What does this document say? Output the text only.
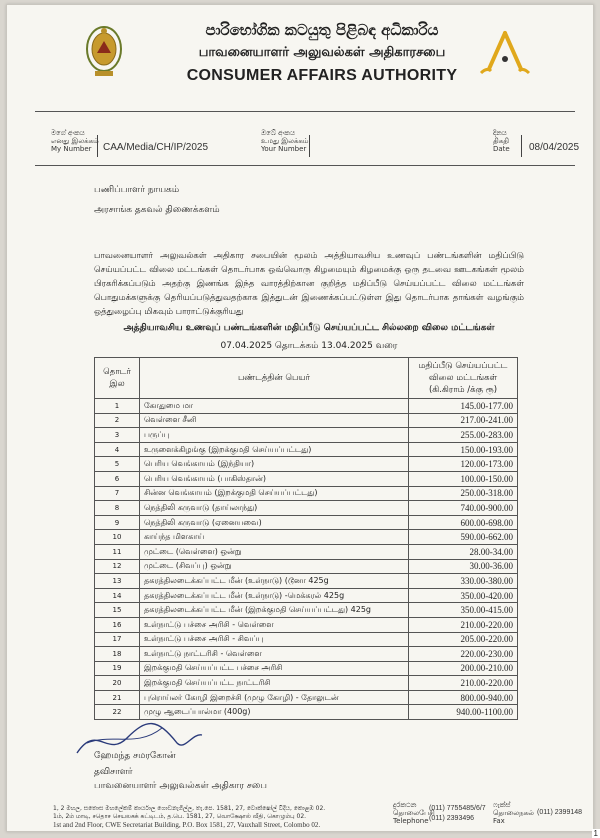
පාරිභෝගික කටයුතු පිළිබඳ අධිකාරිය
பாவனையாளர் அலுவல்கள் அதிகாரசபை
CONSUMER AFFAIRS AUTHORITY
මගේ අංකය
எனது இலக்கம்
My Number	CAA/Media/CH/IP/2025
ඔබේ අංකය
உமது இலக்கம்
Your Number
දිනය
திகதி
Date 08/04/2025
பணிப்பாளர் நாயகம்
அரசாங்க தகவல் திணைக்களம்

பாவனையாளர் அலுவல்கள் அதிகார சபையின் மூலம் அத்தியாவசிய உணவுப் பண்டங்களின் மதிப்பிடு செய்யப்பட்ட விலை மட்டங்கள் தொடர்பாக ஒவ்வொரு கிழமையும் கிழமைக்கு ஒரு தடவை ஊடகங்கள் மூலம் பிரகரிக்கப்படும் அதற்கு இணங்க இந்த வாரத்திற்கான குறித்த மதிப்பீடு செய்யப்பட்ட விலை மட்டங்கள் பொதுமக்களுக்கு தெரியப்படுத்துவதற்காக இத்துடன் இணைக்கப்பட்டுள்ள இது தொடர்பாக தாங்கள் வழங்கும் ஒத்துழைப்பு மிகவும் பாராட்டுக்குரியது

அத்தியாவசிய உணவுப் பண்டங்களின் மதிப்பீடு செய்யப்பட்ட சில்லறை விலை மட்டங்கள்
07.04.2025 தொடக்கம் 13.04.2025 வரை
தொடர் இல	பண்டத்தின் பெயர்	மதிப்பீடு செய்யப்பட்ட விலை மட்டங்கள் (கி.கிராம் /க்கு ரூ)
1	கோதுமை மா	145.00-177.00
2	வெள்ளை சீனி	217.00-241.00
3	பருப்பு	255.00-283.00
4	உருளைக்கிழங்கு (இறக்குமதி செய்யப்பட்டது)	150.00-193.00
5	பெரிய வெங்காயம் (இந்தியா)	120.00-173.00
6	பெரிய வெங்காயம் (பாகிஸ்தான்)	100.00-150.00
7	சின்ன வெங்காயம் (இறக்குமதி செய்யப்பட்டது)	250.00-318.00
8	நெத்திலி கருவாடு (தாய்லாந்து)	740.00-900.00
9	நெத்திலி கருவாடு (ஏனையவை)	600.00-698.00
10	காய்ந்த மிளகாய்	590.00-662.00
11	முட்டை (வெள்ளை) ஒன்று	28.00-34.00
12	முட்டை (சிவப்பு) ஒன்று	30.00-36.00
13	தகரத்திலடைக்கப்பட்ட மீன் (உள்நாடு) (டூனா 425g	330.00-380.00
14	தகரத்திலடைக்கப்பட்ட மீன் (உள்நாடு) -மெக்கரல் 425g	350.00-420.00
15	தகரத்திலடைக்கப்பட்ட மீன் (இறக்குமதி செய்யப்பட்டது) 425g	350.00-415.00
16	உள்நாட்டு பச்சை அரிசி - வெள்ளை	210.00-220.00
17	உள்நாட்டு பச்சை அரிசி - சிவப்பு	205.00-220.00
18	உள்நாட்டு நாட்டரிசி - வெள்ளை	220.00-230.00
19	இறக்குமதி செய்யப்பட்ட பச்சை அரிசி	200.00-210.00
20	இறக்குமதி செய்யப்பட்ட நாட்டரிசி	210.00-220.00
21	புரொய்லர் கோழி இறைச்சி (முழு கோழி) - தோலுடன்	800.00-940.00
22	முழு ஆடைப்பால்மா (400g)	940.00-1100.00
ஹேமந்த சமரகோன்
தவிசாளர்
பாவனையாளர் அலுவல்கள் அதிகார சபை
1, 2 මහල, සතොස මහලේකම් කාර්යාල ගොඩනැගිල්ල, තැ.පෙ. 1581, 27, වොක්ෂෝල් වීදිය, කොළඹ 02.
1ம், 2ம் மாடி, சதொச செயலகக் கட்டிடம், த.பெ. 1581, 27, வொக்ஷோல் வீதி, கொழும்பு 02.
1st and 2nd Floor, CWE Secretariat Building, P.O. Box 1581, 27, Vauxhall Street, Colombo 02.
දුරකථන
தொலைபேசி
Telephone
(011) 7755485/6/7
(011) 2393496
ෆැක්ස්
தொலைநகல்
Fax
(011) 2399148
1
